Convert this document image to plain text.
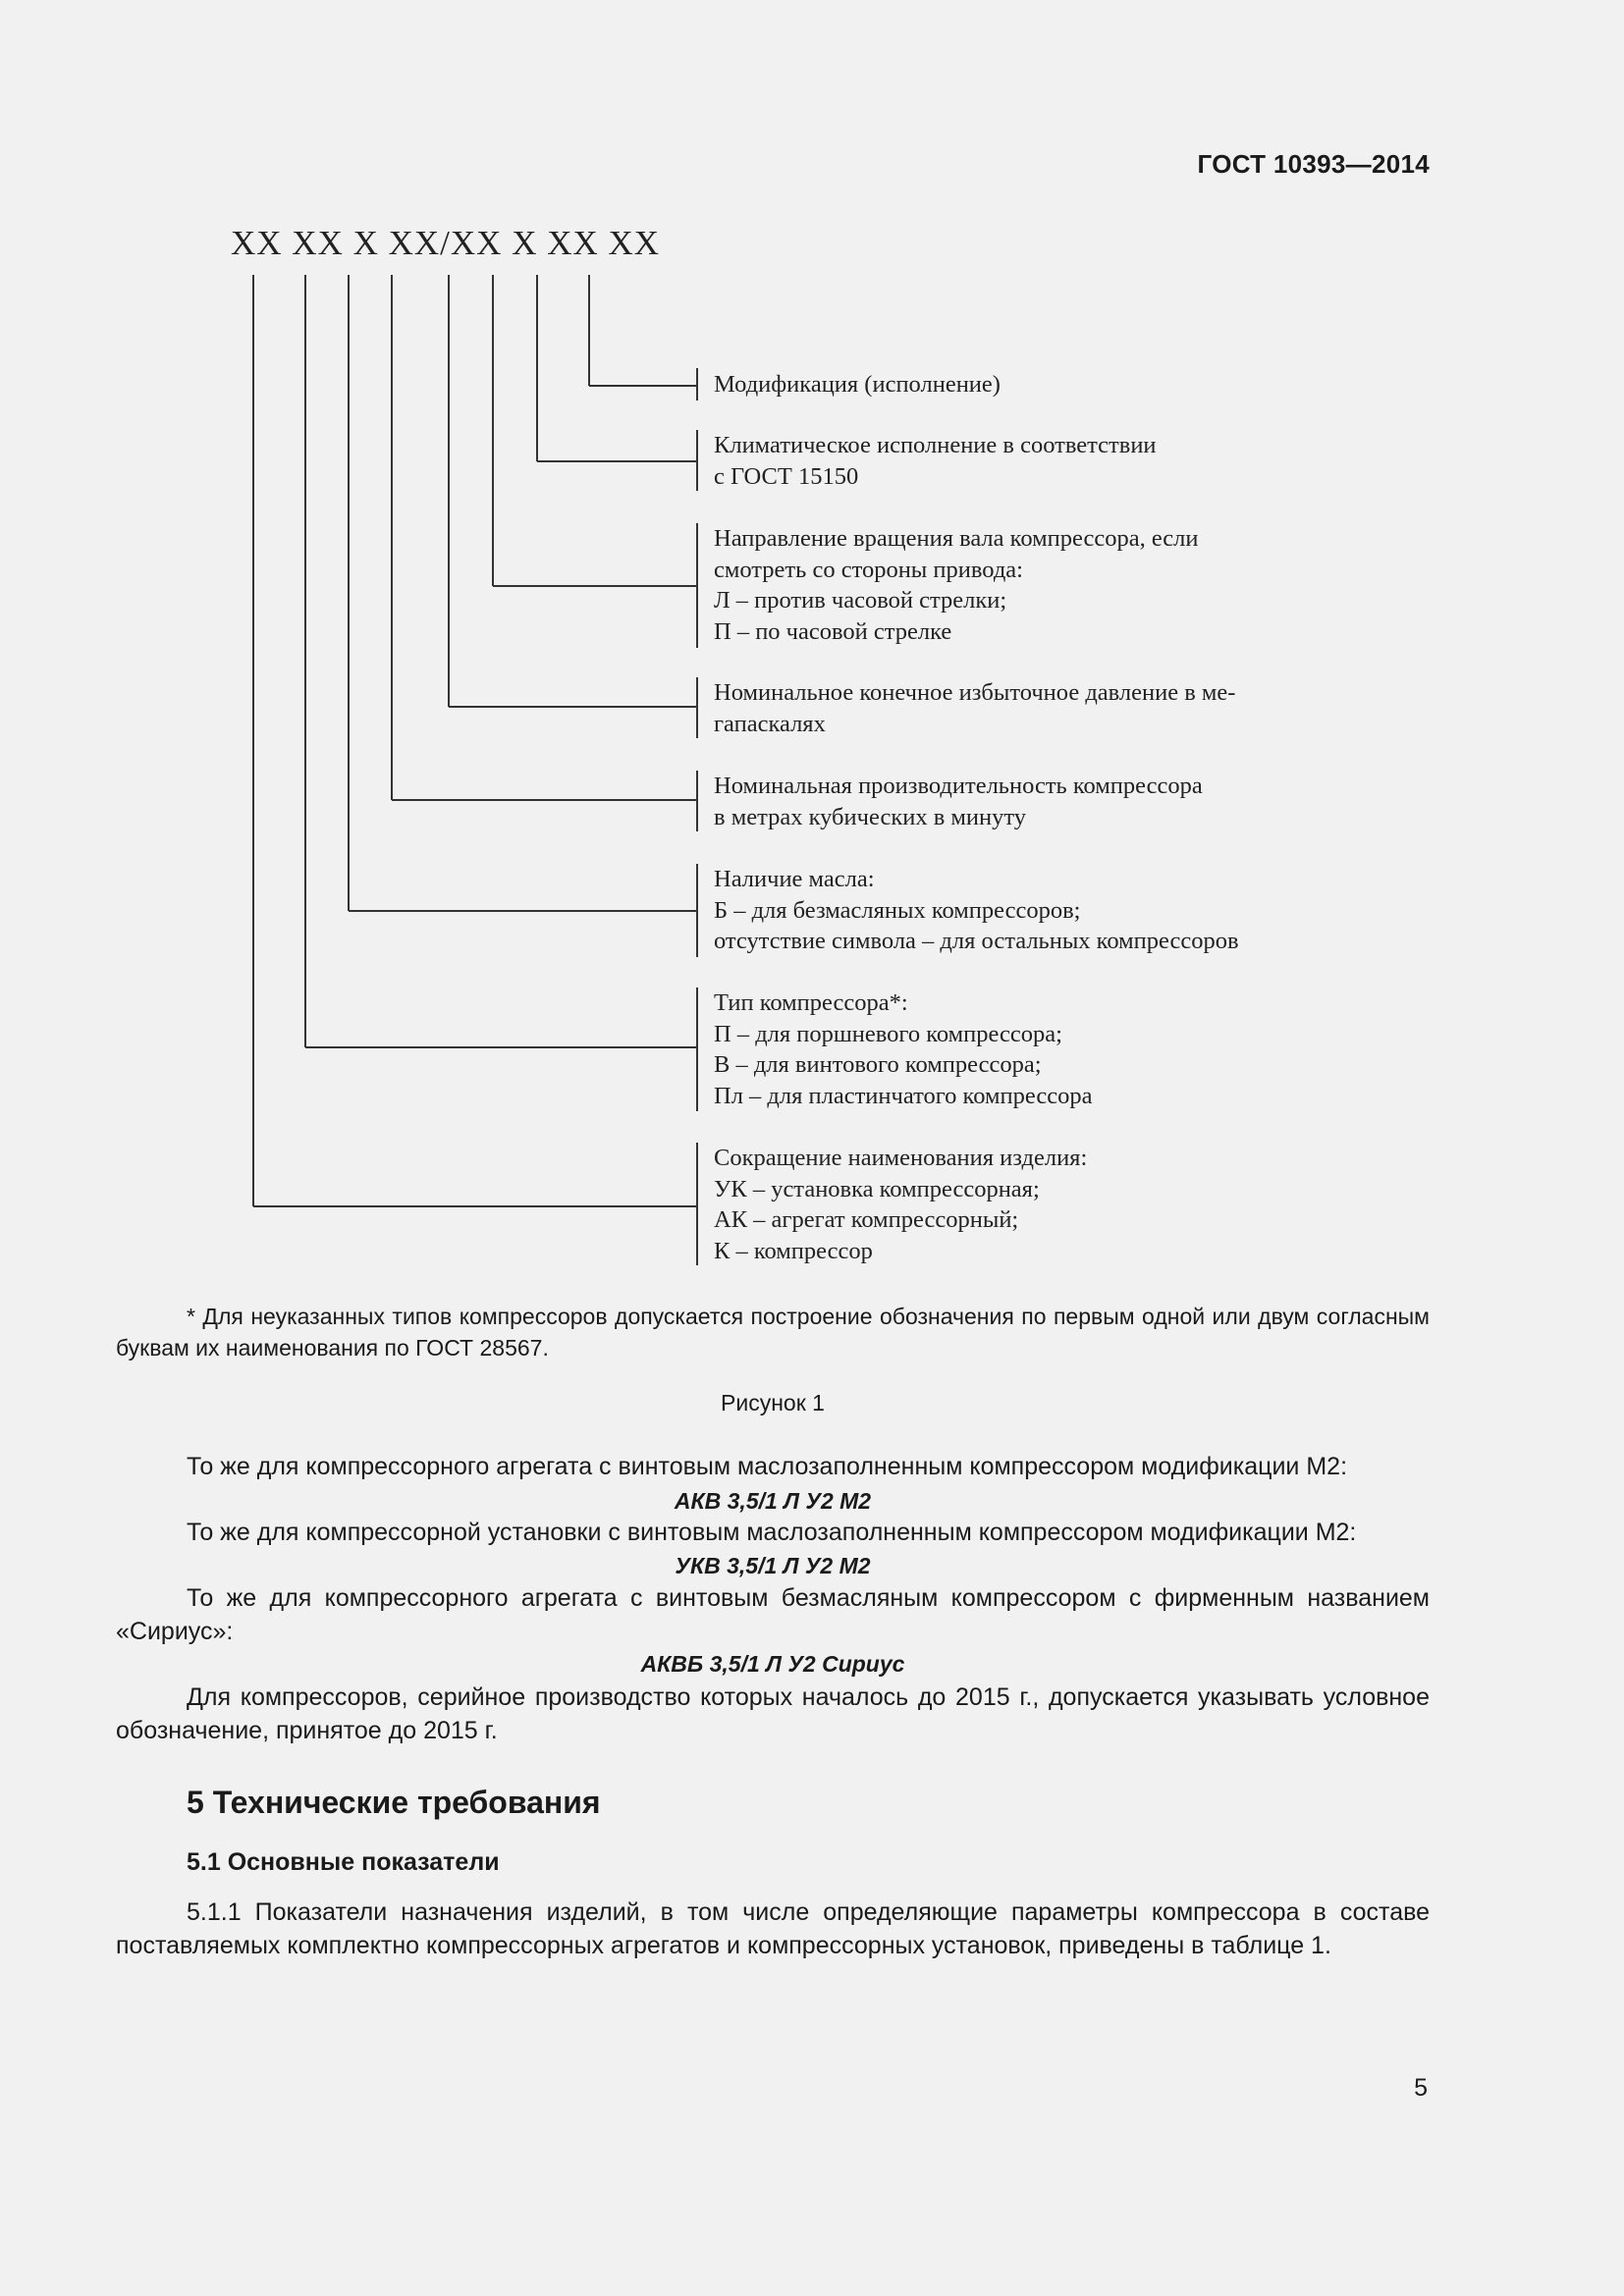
ГОСТ 10393—2014
ХХ ХХ Х ХХ/ХХ Х ХХ ХХ
Модификация (исполнение)
Климатическое исполнение в соответствии
с ГОСТ 15150
Направление вращения вала компрессора, если
смотреть со стороны привода:
Л – против часовой стрелки;
П – по часовой стрелке
Номинальное конечное избыточное давление в ме-
гапаскалях
Номинальная производительность компрессора
в метрах кубических в минуту
Наличие масла:
Б – для безмасляных компрессоров;
отсутствие символа – для остальных компрессоров
Тип компрессора*:
П – для поршневого компрессора;
В – для винтового компрессора;
Пл – для пластинчатого компрессора
Сокращение наименования изделия:
УК – установка компрессорная;
АК – агрегат компрессорный;
К – компрессор
* Для неуказанных типов компрессоров допускается построение обозначения по первым одной или двум согласным буквам их наименования по ГОСТ 28567.
Рисунок 1
То же для компрессорного агрегата с винтовым маслозаполненным компрессором модификации М2:
АКВ 3,5/1 Л У2 М2
То же для компрессорной установки с винтовым маслозаполненным компрессором модификации М2:
УКВ 3,5/1 Л У2 М2
То же для компрессорного агрегата с винтовым безмасляным компрессором с фирменным названием «Сириус»:
АКВБ 3,5/1 Л У2 Сириус
Для компрессоров, серийное производство которых началось до 2015 г., допускается указывать условное обозначение, принятое до 2015 г.
5 Технические требования
5.1 Основные показатели
5.1.1 Показатели назначения изделий, в том числе определяющие параметры компрессора в составе поставляемых комплектно компрессорных агрегатов и компрессорных установок, приведены в таблице 1.
5
